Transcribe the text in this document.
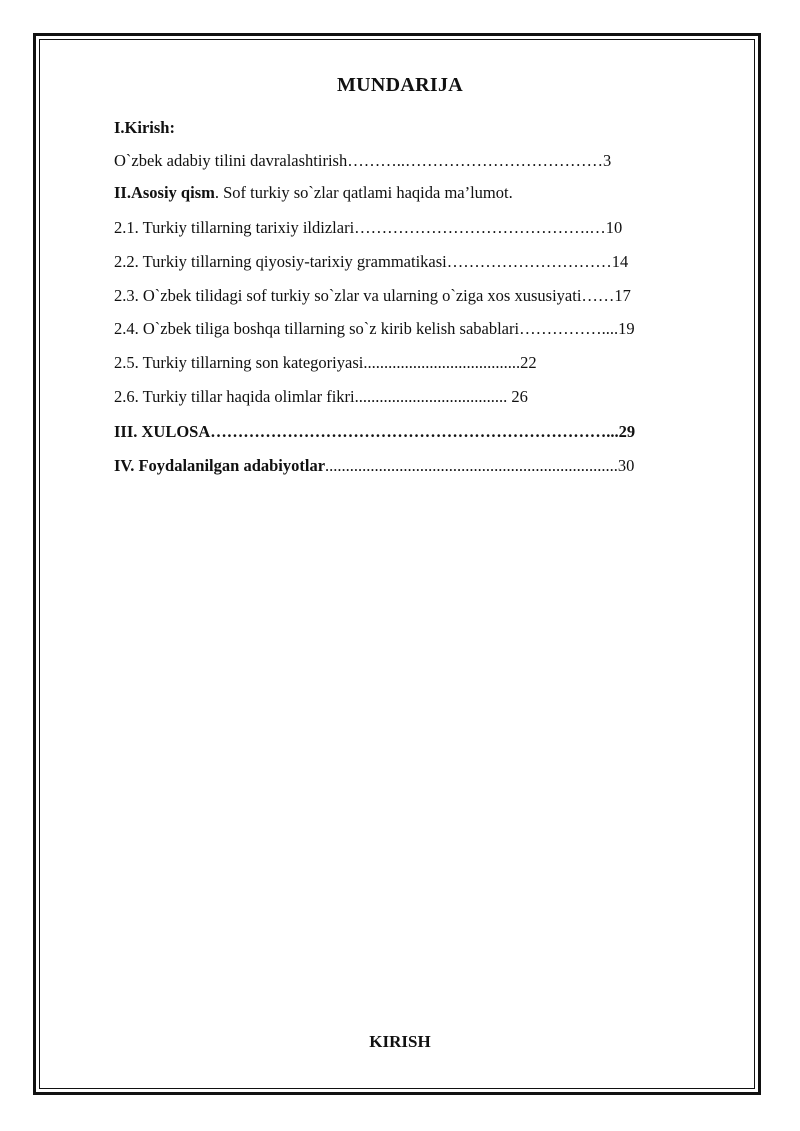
MUNDARIJA
I.Kirish:
O`zbek adabiy tilini davralashtirish………..………………………………3
II.Asosiy qism. Sof turkiy so`zlar qatlami haqida ma’lumot.
2.1. Turkiy tillarning tarixiy ildizlari…………………………………….…10
2.2. Turkiy tillarning qiyosiy-tarixiy grammatikasi…………………………14
2.3. O`zbek tilidagi sof turkiy so`zlar va ularning o`ziga xos xususiyati……17
2.4. O`zbek tiliga boshqa tillarning so`z kirib kelish sabablari……………....19
2.5. Turkiy tillarning son kategoriyasi......................................22
2.6. Turkiy tillar haqida olimlar fikri..................................... 26
III. XULOSA………………………………………………………………...29
IV. Foydalanilgan adabiyotlar.......................................................................30
KIRISH
